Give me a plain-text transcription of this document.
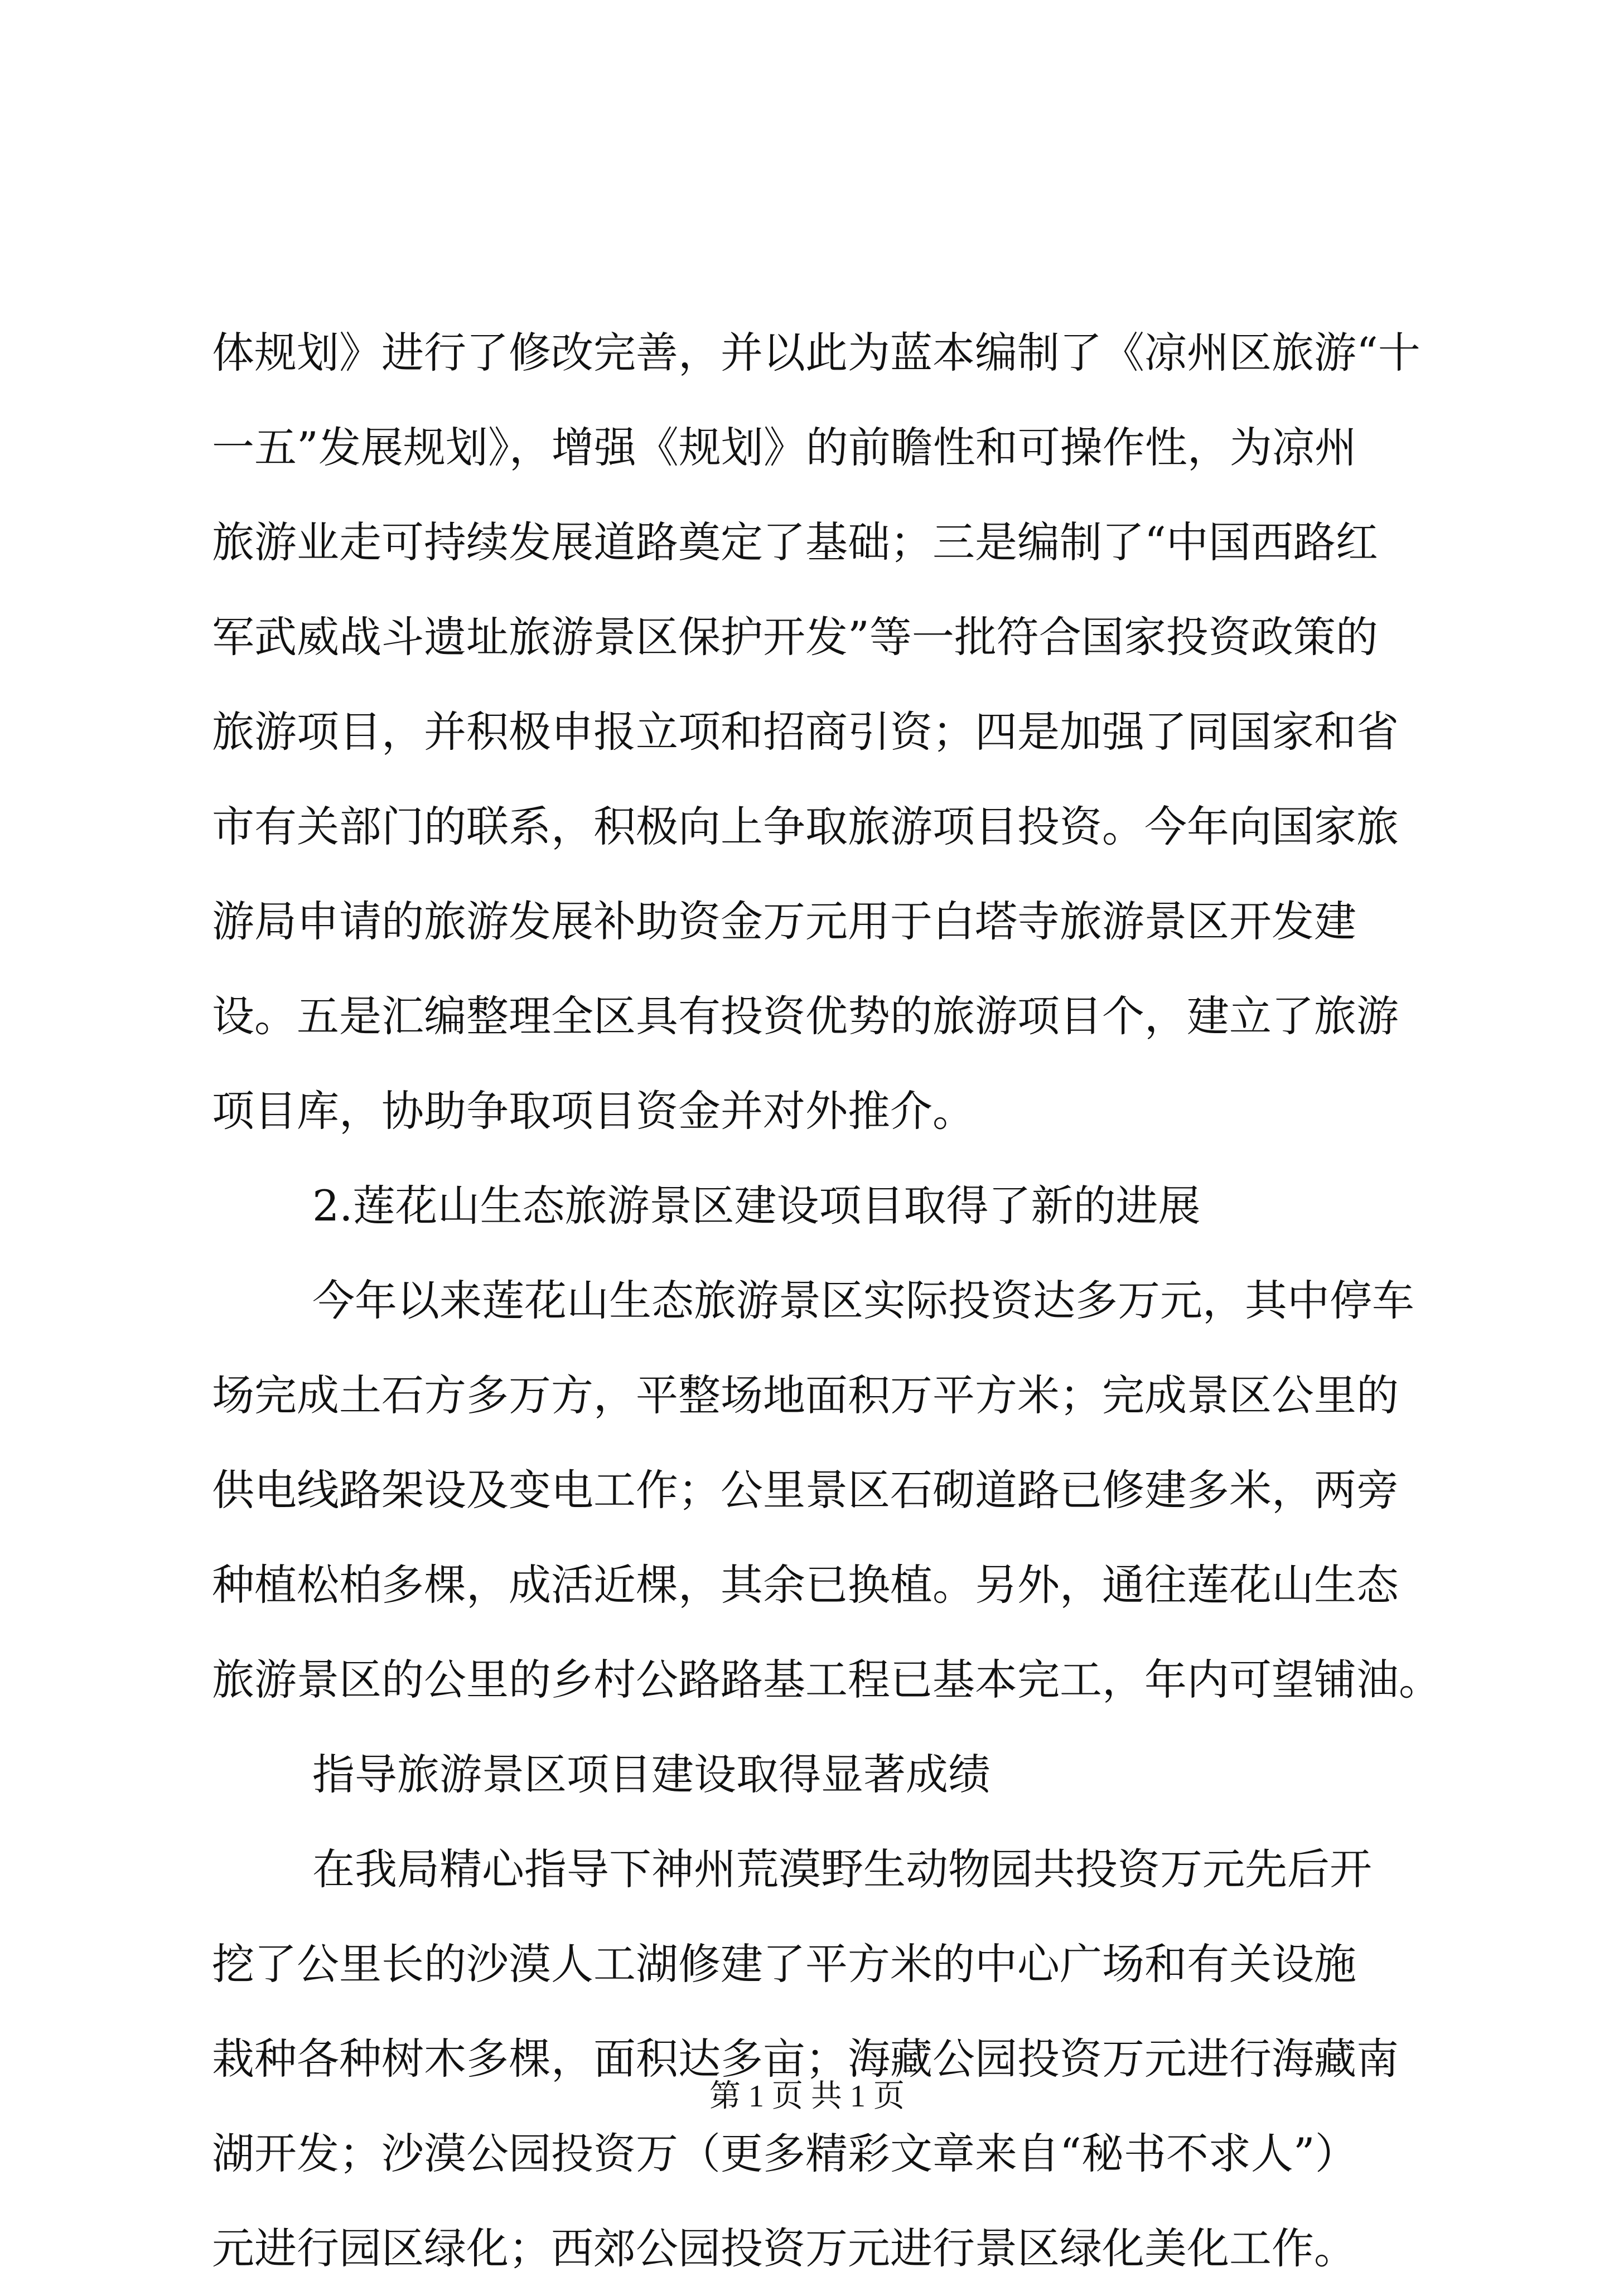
体规划》进行了修改完善，并以此为蓝本编制了《凉州区旅游“十
一五”发展规划》，增强《规划》的前瞻性和可操作性，为凉州
旅游业走可持续发展道路奠定了基础；三是编制了“中国西路红
军武威战斗遗址旅游景区保护开发”等一批符合国家投资政策的
旅游项目，并积极申报立项和招商引资；四是加强了同国家和省
市有关部门的联系，积极向上争取旅游项目投资。今年向国家旅
游局申请的旅游发展补助资金万元用于白塔寺旅游景区开发建
设。五是汇编整理全区具有投资优势的旅游项目个，建立了旅游
项目库，协助争取项目资金并对外推介。
2.莲花山生态旅游景区建设项目取得了新的进展
今年以来莲花山生态旅游景区实际投资达多万元，其中停车
场完成土石方多万方，平整场地面积万平方米；完成景区公里的
供电线路架设及变电工作；公里景区石砌道路已修建多米，两旁
种植松柏多棵，成活近棵，其余已换植。另外，通往莲花山生态
旅游景区的公里的乡村公路路基工程已基本完工，年内可望铺油。
指导旅游景区项目建设取得显著成绩
在我局精心指导下神州荒漠野生动物园共投资万元先后开
挖了公里长的沙漠人工湖修建了平方米的中心广场和有关设施
栽种各种树木多棵，面积达多亩；海藏公园投资万元进行海藏南
湖开发；沙漠公园投资万（更多精彩文章来自“秘书不求人”）
元进行园区绿化；西郊公园投资万元进行景区绿化美化工作。
第 1 页 共 1 页
